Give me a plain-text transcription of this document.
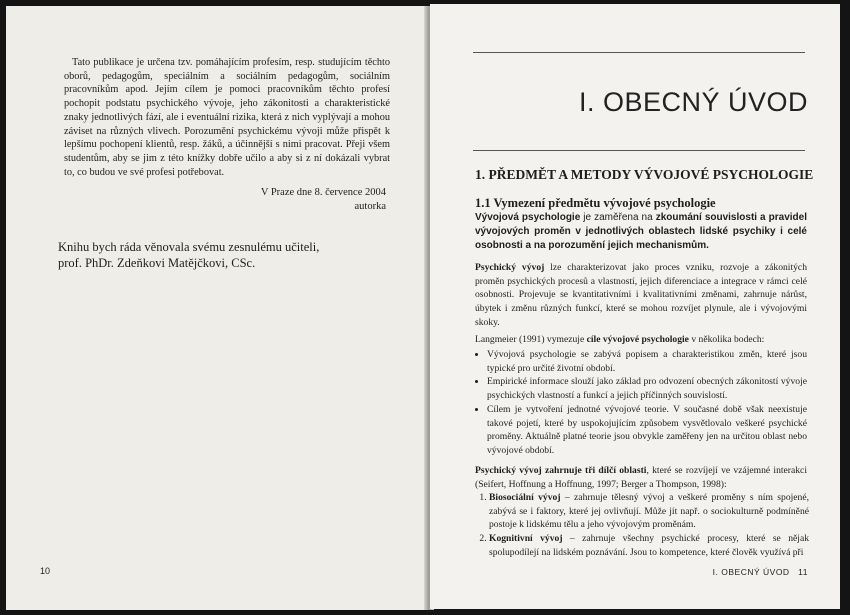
Tato publikace je určena tzv. pomáhajícím profesím, resp. studujícím těchto oborů, pedagogům, speciálním a sociálním pedagogům, sociálním pracovníkům apod. Jejím cílem je pomoci pracovníkům těchto profesí pochopit podstatu psychického vývoje, jeho zákonitosti a charakteristické znaky jednotlivých fází, ale i eventuální rizika, která z nich vyplývají a mohou záviset na různých vlivech. Porozumění psychickému vývoji může přispět k lepšímu pochopení klientů, resp. žáků, a účinnější s nimi pracovat. Přeji všem studentům, aby se jim z této knížky dobře učilo a aby si z ní dokázali vybrat to, co budou ve své profesi potřebovat.

V Praze dne 8. července 2004
autorka
Knihu bych ráda věnovala svému zesnulému učiteli,
prof. PhDr. Zdeňkovi Matějčkovi, CSc.
10
I. OBECNÝ ÚVOD
1. PŘEDMĚT A METODY VÝVOJOVÉ PSYCHOLOGIE
1.1 Vymezení předmětu vývojové psychologie
Vývojová psychologie je zaměřena na zkoumání souvislosti a pravidel vývojových proměn v jednotlivých oblastech lidské psychiky i celé osobnosti a na porozumění jejich mechanismům.
Psychický vývoj lze charakterizovat jako proces vzniku, rozvoje a zákonitých proměn psychických procesů a vlastností, jejich diferenciace a integrace v rámci celé osobnosti. Projevuje se kvantitativními i kvalitativními změnami, zahrnuje nárůst, úbytek i změnu různých funkcí, které se mohou rozvíjet plynule, ale i vývojovými skoky.
Langmeier (1991) vymezuje cíle vývojové psychologie v několika bodech:
• Vývojová psychologie se zabývá popisem a charakteristikou změn, které jsou typické pro určité životní období.
• Empirické informace slouží jako základ pro odvození obecných zákonitostí vývoje psychických vlastností a funkcí a jejich příčinných souvislostí.
• Cílem je vytvoření jednotné vývojové teorie. V současné době však neexistuje takové pojetí, které by uspokojujícím způsobem vysvětlovalo veškeré psychické proměny. Aktuálně platné teorie jsou obvykle zaměřeny jen na určitou oblast nebo vývojové období.
Psychický vývoj zahrnuje tři dílčí oblasti, které se rozvíjejí ve vzájemné interakci (Seifert, Hoffnung a Hoffnung, 1997; Berger a Thompson, 1998):
1. Biosociální vývoj – zahrnuje tělesný vývoj a veškeré proměny s ním spojené, zabývá se i faktory, které jej ovlivňují. Může jít např. o sociokulturně podmíněné postoje k lidskému tělu a jeho vývojovým proměnám.
2. Kognitivní vývoj – zahrnuje všechny psychické procesy, které se nějak spolupodílejí na lidském poznávání. Jsou to kompetence, které člověk využívá při
I. OBECNÝ ÚVOD 11
